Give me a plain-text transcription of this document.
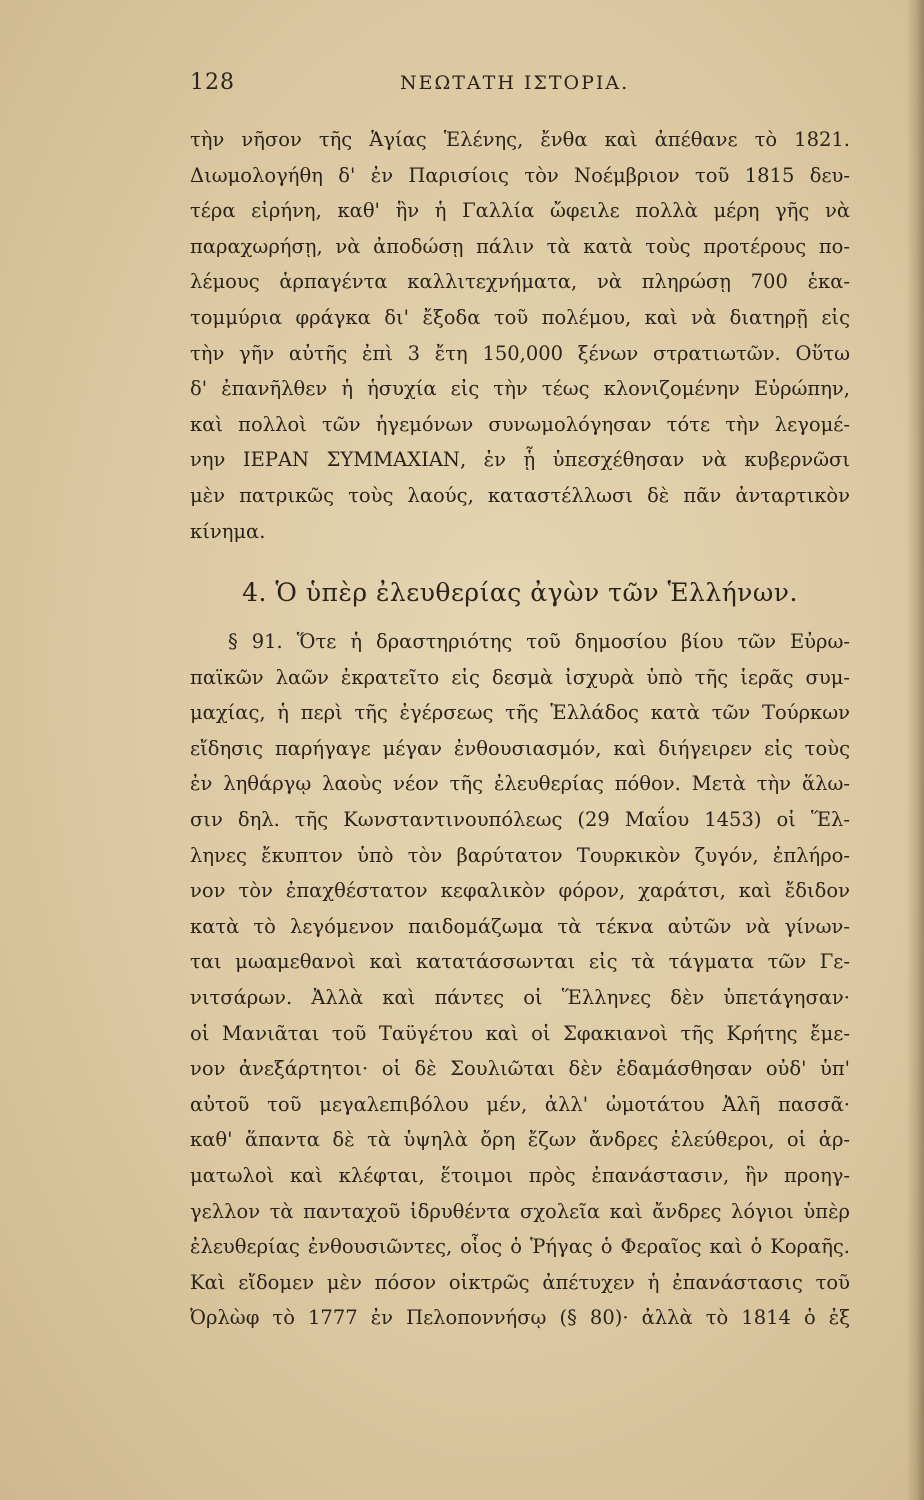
128	ΝΕΩΤΑΤΗ ΙΣΤΟΡΙΑ.
τὴν νῆσον τῆς Ἁγίας Ἑλένης, ἔνθα καὶ ἀπέθανε τὸ 1821.
Διωμολογήθη δ' ἐν Παρισίοις τὸν Νοέμβριον τοῦ 1815 δευ-
τέρα εἰρήνη, καθ' ἣν ἡ Γαλλία ὤφειλε πολλὰ μέρη γῆς νὰ
παραχωρήσῃ, νὰ ἀποδώσῃ πάλιν τὰ κατὰ τοὺς προτέρους πο-
λέμους ἁρπαγέντα καλλιτεχνήματα, νὰ πληρώσῃ 700 ἑκα-
τομμύρια φράγκα δι' ἔξοδα τοῦ πολέμου, καὶ νὰ διατηρῇ εἰς
τὴν γῆν αὐτῆς ἐπὶ 3 ἔτη 150,000 ξένων στρατιωτῶν. Οὕτω
δ' ἐπανῆλθεν ἡ ἡσυχία εἰς τὴν τέως κλονιζομένην Εὐρώπην,
καὶ πολλοὶ τῶν ἡγεμόνων συνωμολόγησαν τότε τὴν λεγομέ-
νην ΙΕΡΑΝ ΣΥΜΜΑΧΙΑΝ, ἐν ᾗ ὑπεσχέθησαν νὰ κυβερνῶσι
μὲν πατρικῶς τοὺς λαούς, καταστέλλωσι δὲ πᾶν ἀνταρτικὸν
κίνημα.
4. Ὁ ὑπὲρ ἐλευθερίας ἀγὼν τῶν Ἑλλήνων.
§ 91. Ὅτε ἡ δραστηριότης τοῦ δημοσίου βίου τῶν Εὐρω-
παϊκῶν λαῶν ἐκρατεῖτο εἰς δεσμὰ ἰσχυρὰ ὑπὸ τῆς ἱερᾶς συμ-
μαχίας, ἡ περὶ τῆς ἐγέρσεως τῆς Ἑλλάδος κατὰ τῶν Τούρκων
εἴδησις παρήγαγε μέγαν ἐνθουσιασμόν, καὶ διήγειρεν εἰς τοὺς
ἐν ληθάργῳ λαοὺς νέον τῆς ἐλευθερίας πόθον. Μετὰ τὴν ἅλω-
σιν δηλ. τῆς Κωνσταντινουπόλεως (29 Μαΐου 1453) οἱ Ἕλ-
ληνες ἔκυπτον ὑπὸ τὸν βαρύτατον Τουρκικὸν ζυγόν, ἐπλήρο-
νον τὸν ἐπαχθέστατον κεφαλικὸν φόρον, χαράτσι, καὶ ἔδιδον
κατὰ τὸ λεγόμενον παιδομάζωμα τὰ τέκνα αὐτῶν νὰ γίνων-
ται μωαμεθανοὶ καὶ κατατάσσωνται εἰς τὰ τάγματα τῶν Γε-
νιτσάρων. Ἀλλὰ καὶ πάντες οἱ Ἕλληνες δὲν ὑπετάγησαν·
οἱ Μανιᾶται τοῦ Ταϋγέτου καὶ οἱ Σφακιανοὶ τῆς Κρήτης ἔμε-
νον ἀνεξάρτητοι· οἱ δὲ Σουλιῶται δὲν ἐδαμάσθησαν οὐδ' ὑπ'
αὐτοῦ τοῦ μεγαλεπιβόλου μέν, ἀλλ' ὠμοτάτου Ἀλῆ πασσᾶ·
καθ' ἅπαντα δὲ τὰ ὑψηλὰ ὄρη ἔζων ἄνδρες ἐλεύθεροι, οἱ ἁρ-
ματωλοὶ καὶ κλέφται, ἕτοιμοι πρὸς ἐπανάστασιν, ἣν προηγ-
γελλον τὰ πανταχοῦ ἱδρυθέντα σχολεῖα καὶ ἄνδρες λόγιοι ὑπὲρ
ἐλευθερίας ἐνθουσιῶντες, οἷος ὁ Ῥήγας ὁ Φεραῖος καὶ ὁ Κοραῆς.
Καὶ εἴδομεν μὲν πόσον οἰκτρῶς ἀπέτυχεν ἡ ἐπανάστασις τοῦ
Ὀρλὼφ τὸ 1777 ἐν Πελοποννήσῳ (§ 80)· ἀλλὰ τὸ 1814 ὁ ἐξ
